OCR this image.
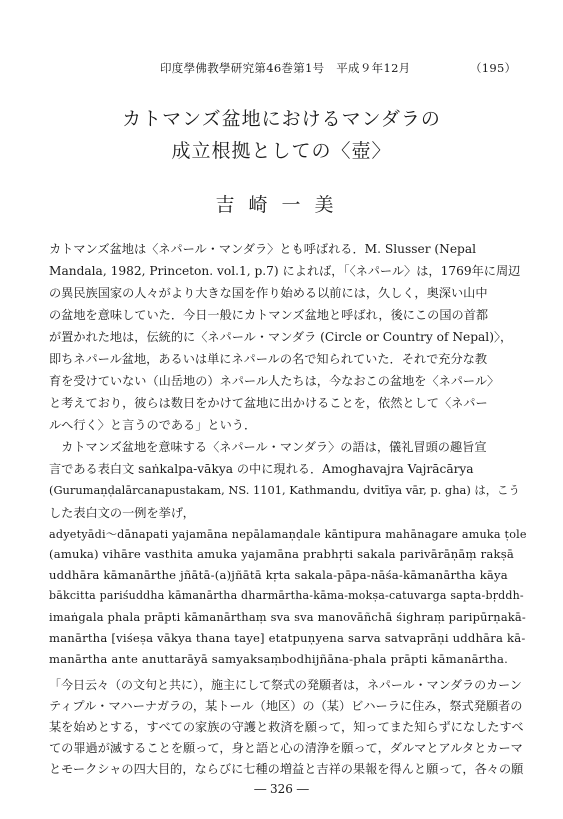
印度學佛教學研究第46巻第1号　平成９年12月	（195）
カトマンズ盆地におけるマンダラの
成立根拠としての〈壺〉
吉崎一美
カトマンズ盆地は〈ネパール・マンダラ〉とも呼ばれる．M. Slusser (Nepal
Mandala, 1982, Princeton. vol.1, p.7) によれば，「〈ネパール〉は，1769年に周辺
の異民族国家の人々がより大きな国を作り始める以前には，久しく，奥深い山中
の盆地を意味していた．今日一般にカトマンズ盆地と呼ばれ，後にこの国の首都
が置かれた地は，伝統的に〈ネパール・マンダラ (Circle or Country of Nepal)〉，
即ちネパール盆地，あるいは単にネパールの名で知られていた．それで充分な教
育を受けていない（山岳地の）ネパール人たちは，今なおこの盆地を〈ネパール〉
と考えており，彼らは数日をかけて盆地に出かけることを，依然として〈ネパー
ルへ行く〉と言うのである」という．
　カトマンズ盆地を意味する〈ネパール・マンダラ〉の語は，儀礼冒頭の趣旨宣
言である表白文 saṅkalpa-vākya の中に現れる．Amoghavajra Vajrācārya
(Gurumaṇḍalārcanapustakam, NS. 1101, Kathmandu, dvitīya vār, p. gha) は，こう
した表白文の一例を挙げ，
adyetyādi～dānapati yajamāna nepālamaṇḍale kāntipura mahānagare amuka ṭole
(amuka) vihāre vasthita amuka yajamāna prabhṛti sakala parivārāṇāṃ rakṣā
uddhāra kāmanārthe jñātā-(a)jñātā kṛta sakala-pāpa-nāśa-kāmanārtha kāya
bākcitta pariśuddha kāmanārtha dharmārtha-kāma-mokṣa-catuvarga sapta-bṛddh-
imaṅgala phala prāpti kāmanārthaṃ sva sva manovāñchā śighraṃ paripūrṇakā-
manārtha [viśeṣa vākya thana taye] etatpuṇyena sarva satvaprāṇi uddhāra kā-
manārtha ante anuttarāyā samyaksaṃbodhijñāna-phala prāpti kāmanārtha.
「今日云々（の文句と共に），施主にして祭式の発願者は，ネパール・マンダラのカーン
ティプル・マハーナガラの，某トール（地区）の（某）ビハーラに住み，祭式発願者の
某を始めとする，すべての家族の守護と救済を願って，知ってまた知らずになしたすべ
ての罪過が滅することを願って，身と語と心の清浄を願って，ダルマとアルタとカーマ
とモークシャの四大目的，ならびに七種の増益と吉祥の果報を得んと願って，各々の願
― 326 ―
